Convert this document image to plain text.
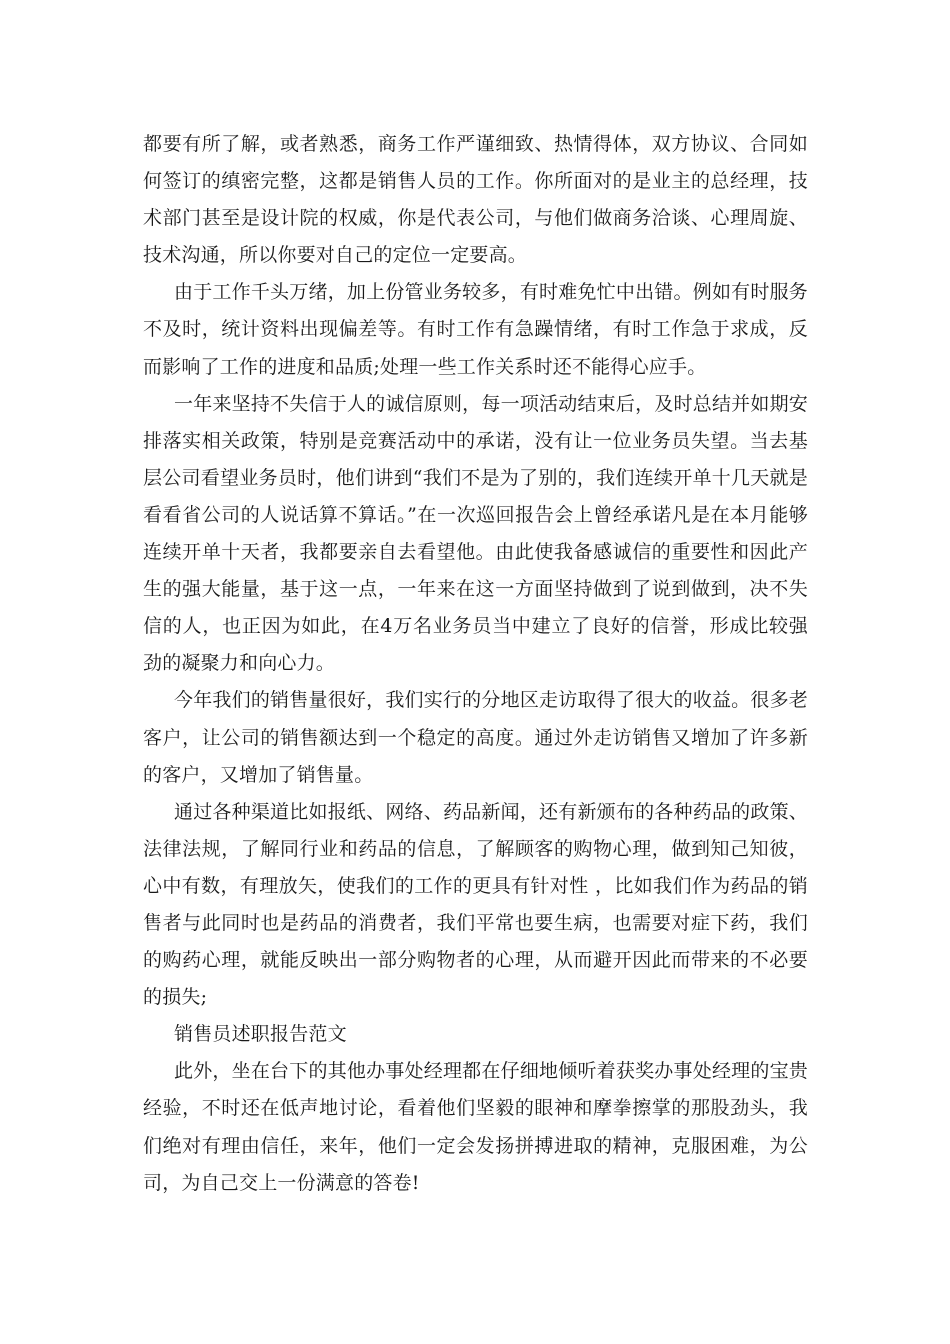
都要有所了解，或者熟悉，商务工作严谨细致、热情得体，双方协议、合同如何签订的缜密完整，这都是销售人员的工作。你所面对的是业主的总经理，技术部门甚至是设计院的权威，你是代表公司，与他们做商务洽谈、心理周旋、技术沟通，所以你要对自己的定位一定要高。

由于工作千头万绪，加上份管业务较多，有时难免忙中出错。例如有时服务不及时，统计资料出现偏差等。有时工作有急躁情绪，有时工作急于求成，反而影响了工作的进度和品质;处理一些工作关系时还不能得心应手。

一年来坚持不失信于人的诚信原则，每一项活动结束后，及时总结并如期安排落实相关政策，特别是竞赛活动中的承诺，没有让一位业务员失望。当去基层公司看望业务员时，他们讲到“我们不是为了别的，我们连续开单十几天就是看看省公司的人说话算不算话。”在一次巡回报告会上曾经承诺凡是在本月能够连续开单十天者，我都要亲自去看望他。由此使我备感诚信的重要性和因此产生的强大能量，基于这一点，一年来在这一方面坚持做到了说到做到，决不失信的人，也正因为如此，在4万名业务员当中建立了良好的信誉，形成比较强劲的凝聚力和向心力。

今年我们的销售量很好，我们实行的分地区走访取得了很大的收益。很多老客户，让公司的销售额达到一个稳定的高度。通过外走访销售又增加了许多新的客户，又增加了销售量。

通过各种渠道比如报纸、网络、药品新闻，还有新颁布的各种药品的政策、法律法规，了解同行业和药品的信息，了解顾客的购物心理，做到知己知彼，心中有数，有理放矢，使我们的工作的更具有针对性 ，比如我们作为药品的销售者与此同时也是药品的消费者，我们平常也要生病，也需要对症下药，我们的购药心理，就能反映出一部分购物者的心理，从而避开因此而带来的不必要的损失;

销售员述职报告范文

此外，坐在台下的其他办事处经理都在仔细地倾听着获奖办事处经理的宝贵经验，不时还在低声地讨论，看着他们坚毅的眼神和摩拳擦掌的那股劲头，我们绝对有理由信任，来年，他们一定会发扬拼搏进取的精神，克服困难，为公司，为自己交上一份满意的答卷!
